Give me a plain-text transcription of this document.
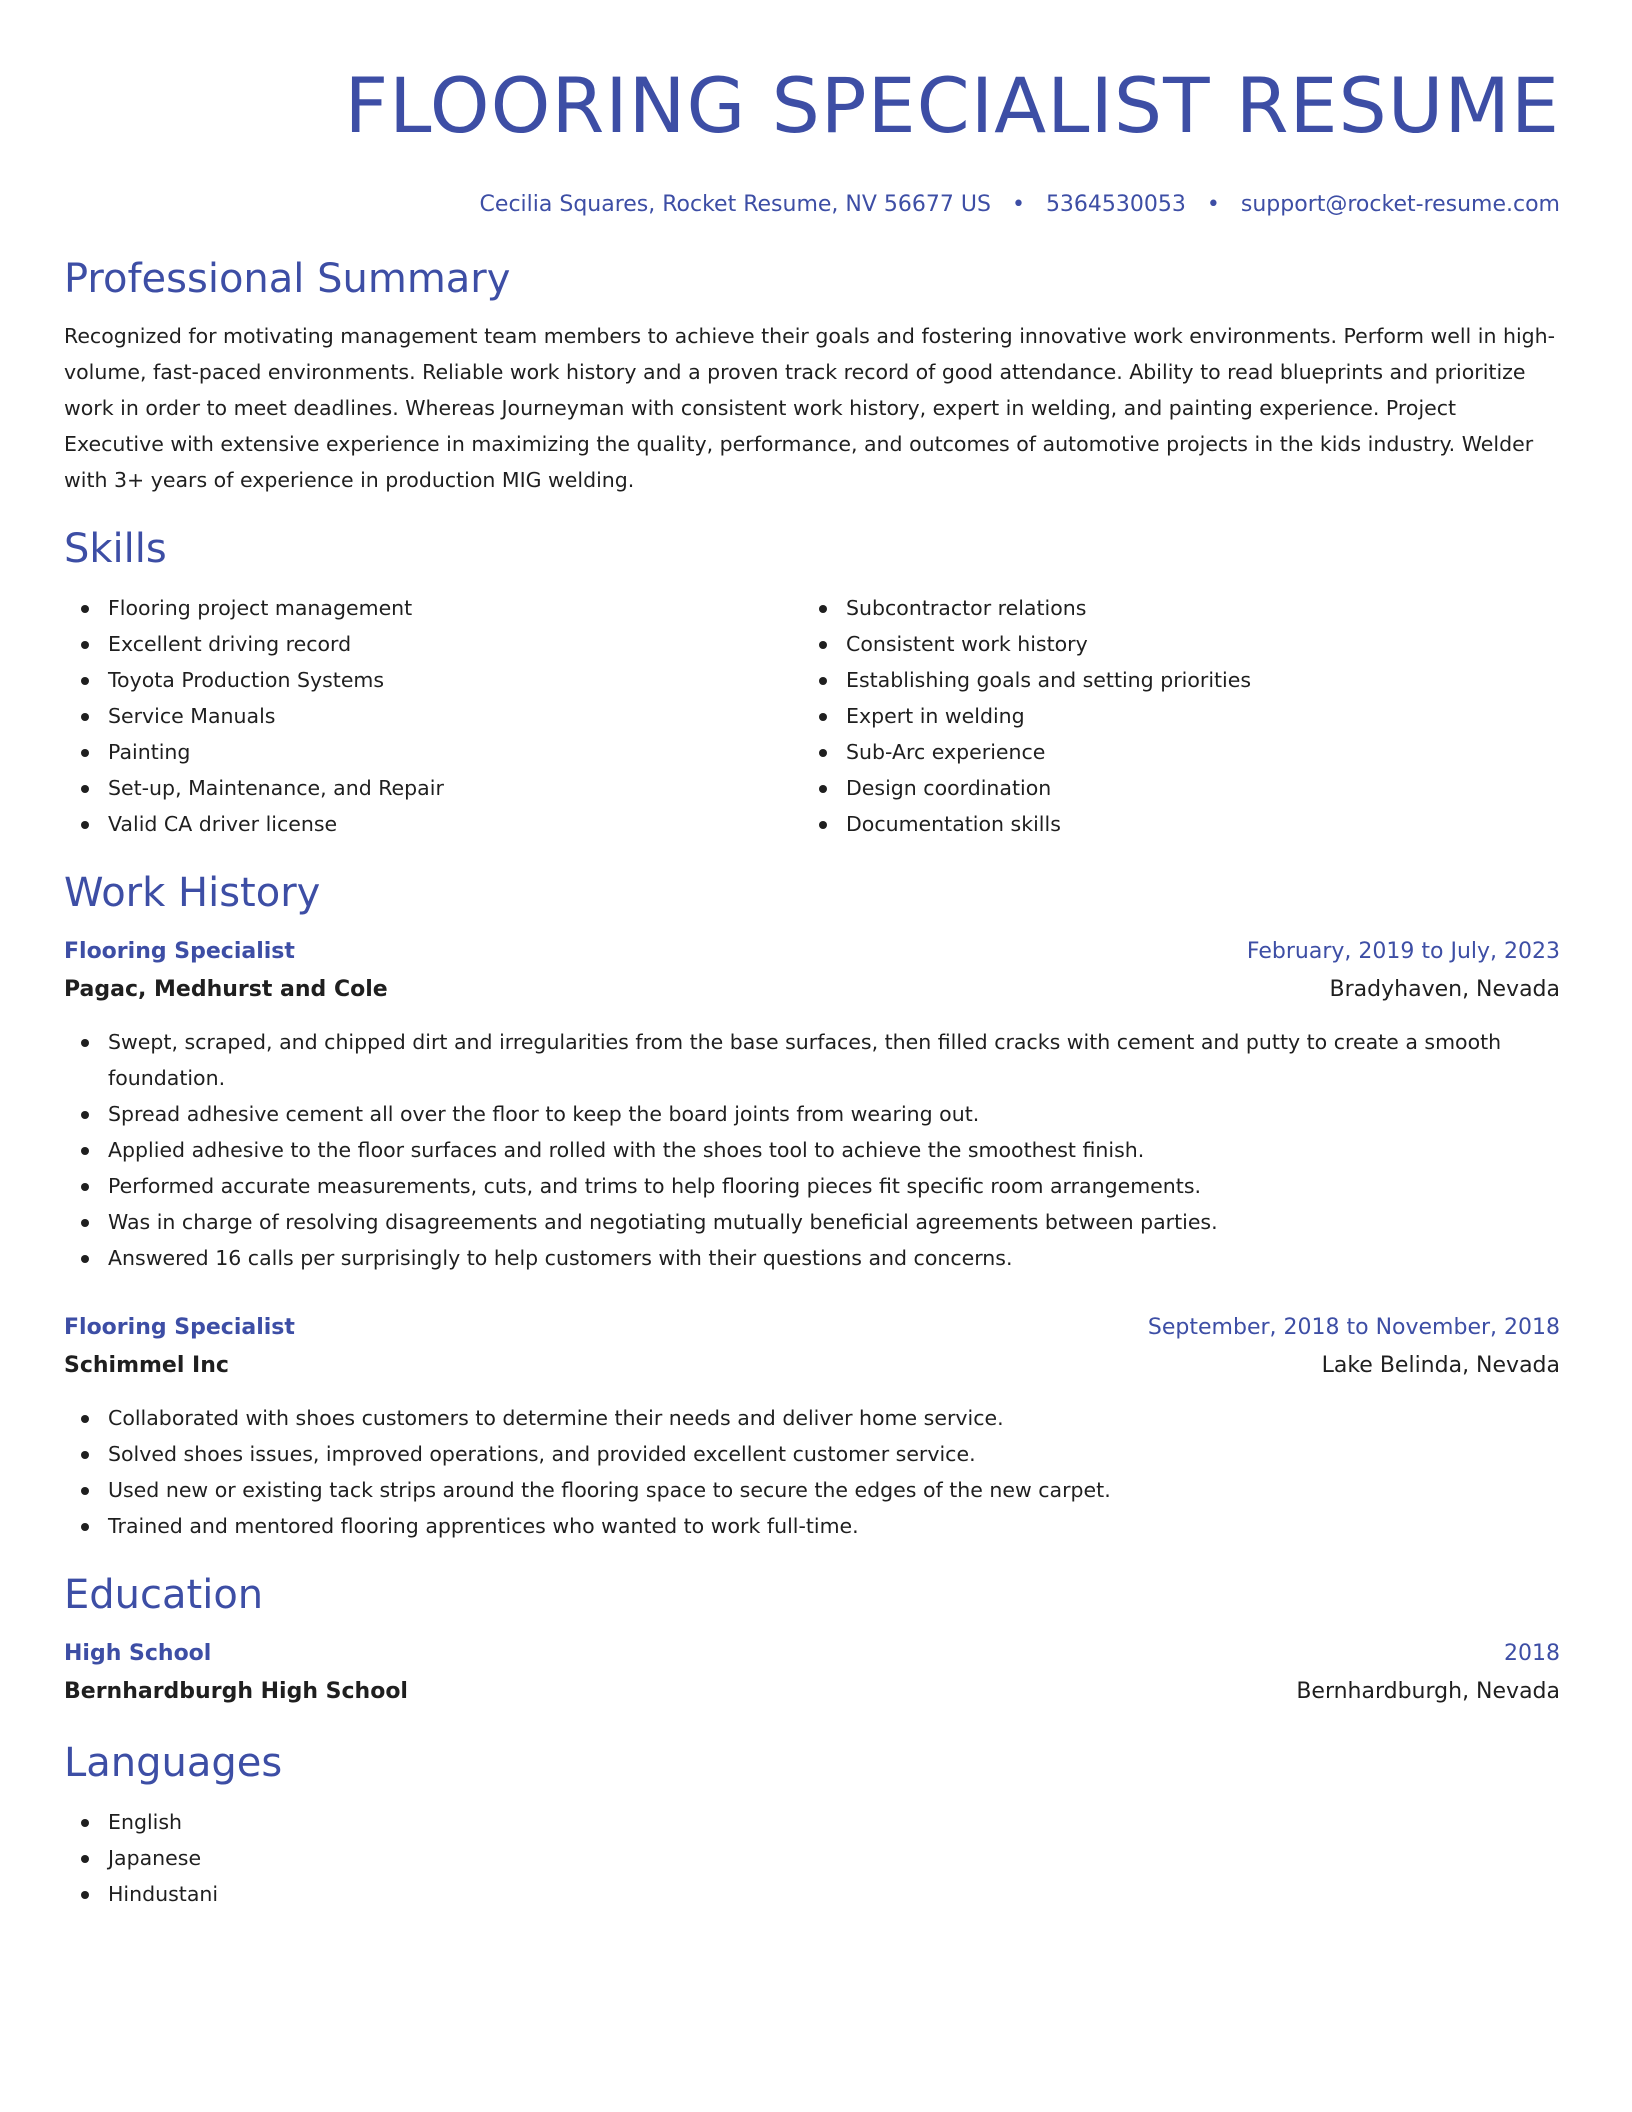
FLOORING SPECIALIST RESUME
Cecilia Squares, Rocket Resume, NV 56677 US • 5364530053 • support@rocket-resume.com
Professional Summary

Recognized for motivating management team members to achieve their goals and fostering innovative work environments. Perform well in high-volume, fast-paced environments. Reliable work history and a proven track record of good attendance. Ability to read blueprints and prioritize work in order to meet deadlines. Whereas Journeyman with consistent work history, expert in welding, and painting experience. Project Executive with extensive experience in maximizing the quality, performance, and outcomes of automotive projects in the kids industry. Welder with 3+ years of experience in production MIG welding.

Skills
Flooring project management
Excellent driving record
Toyota Production Systems
Service Manuals
Painting
Set-up, Maintenance, and Repair
Valid CA driver license
Subcontractor relations
Consistent work history
Establishing goals and setting priorities
Expert in welding
Sub-Arc experience
Design coordination
Documentation skills
Work History
Flooring Specialist	February, 2019 to July, 2023
Pagac, Medhurst and Cole	Bradyhaven, Nevada
Swept, scraped, and chipped dirt and irregularities from the base surfaces, then filled cracks with cement and putty to create a smooth foundation.
Spread adhesive cement all over the floor to keep the board joints from wearing out.
Applied adhesive to the floor surfaces and rolled with the shoes tool to achieve the smoothest finish.
Performed accurate measurements, cuts, and trims to help flooring pieces fit specific room arrangements.
Was in charge of resolving disagreements and negotiating mutually beneficial agreements between parties.
Answered 16 calls per surprisingly to help customers with their questions and concerns.
Flooring Specialist	September, 2018 to November, 2018
Schimmel Inc	Lake Belinda, Nevada
Collaborated with shoes customers to determine their needs and deliver home service.
Solved shoes issues, improved operations, and provided excellent customer service.
Used new or existing tack strips around the flooring space to secure the edges of the new carpet.
Trained and mentored flooring apprentices who wanted to work full-time.
Education
High School	2018
Bernhardburgh High School	Bernhardburgh, Nevada
Languages
English
Japanese
Hindustani
